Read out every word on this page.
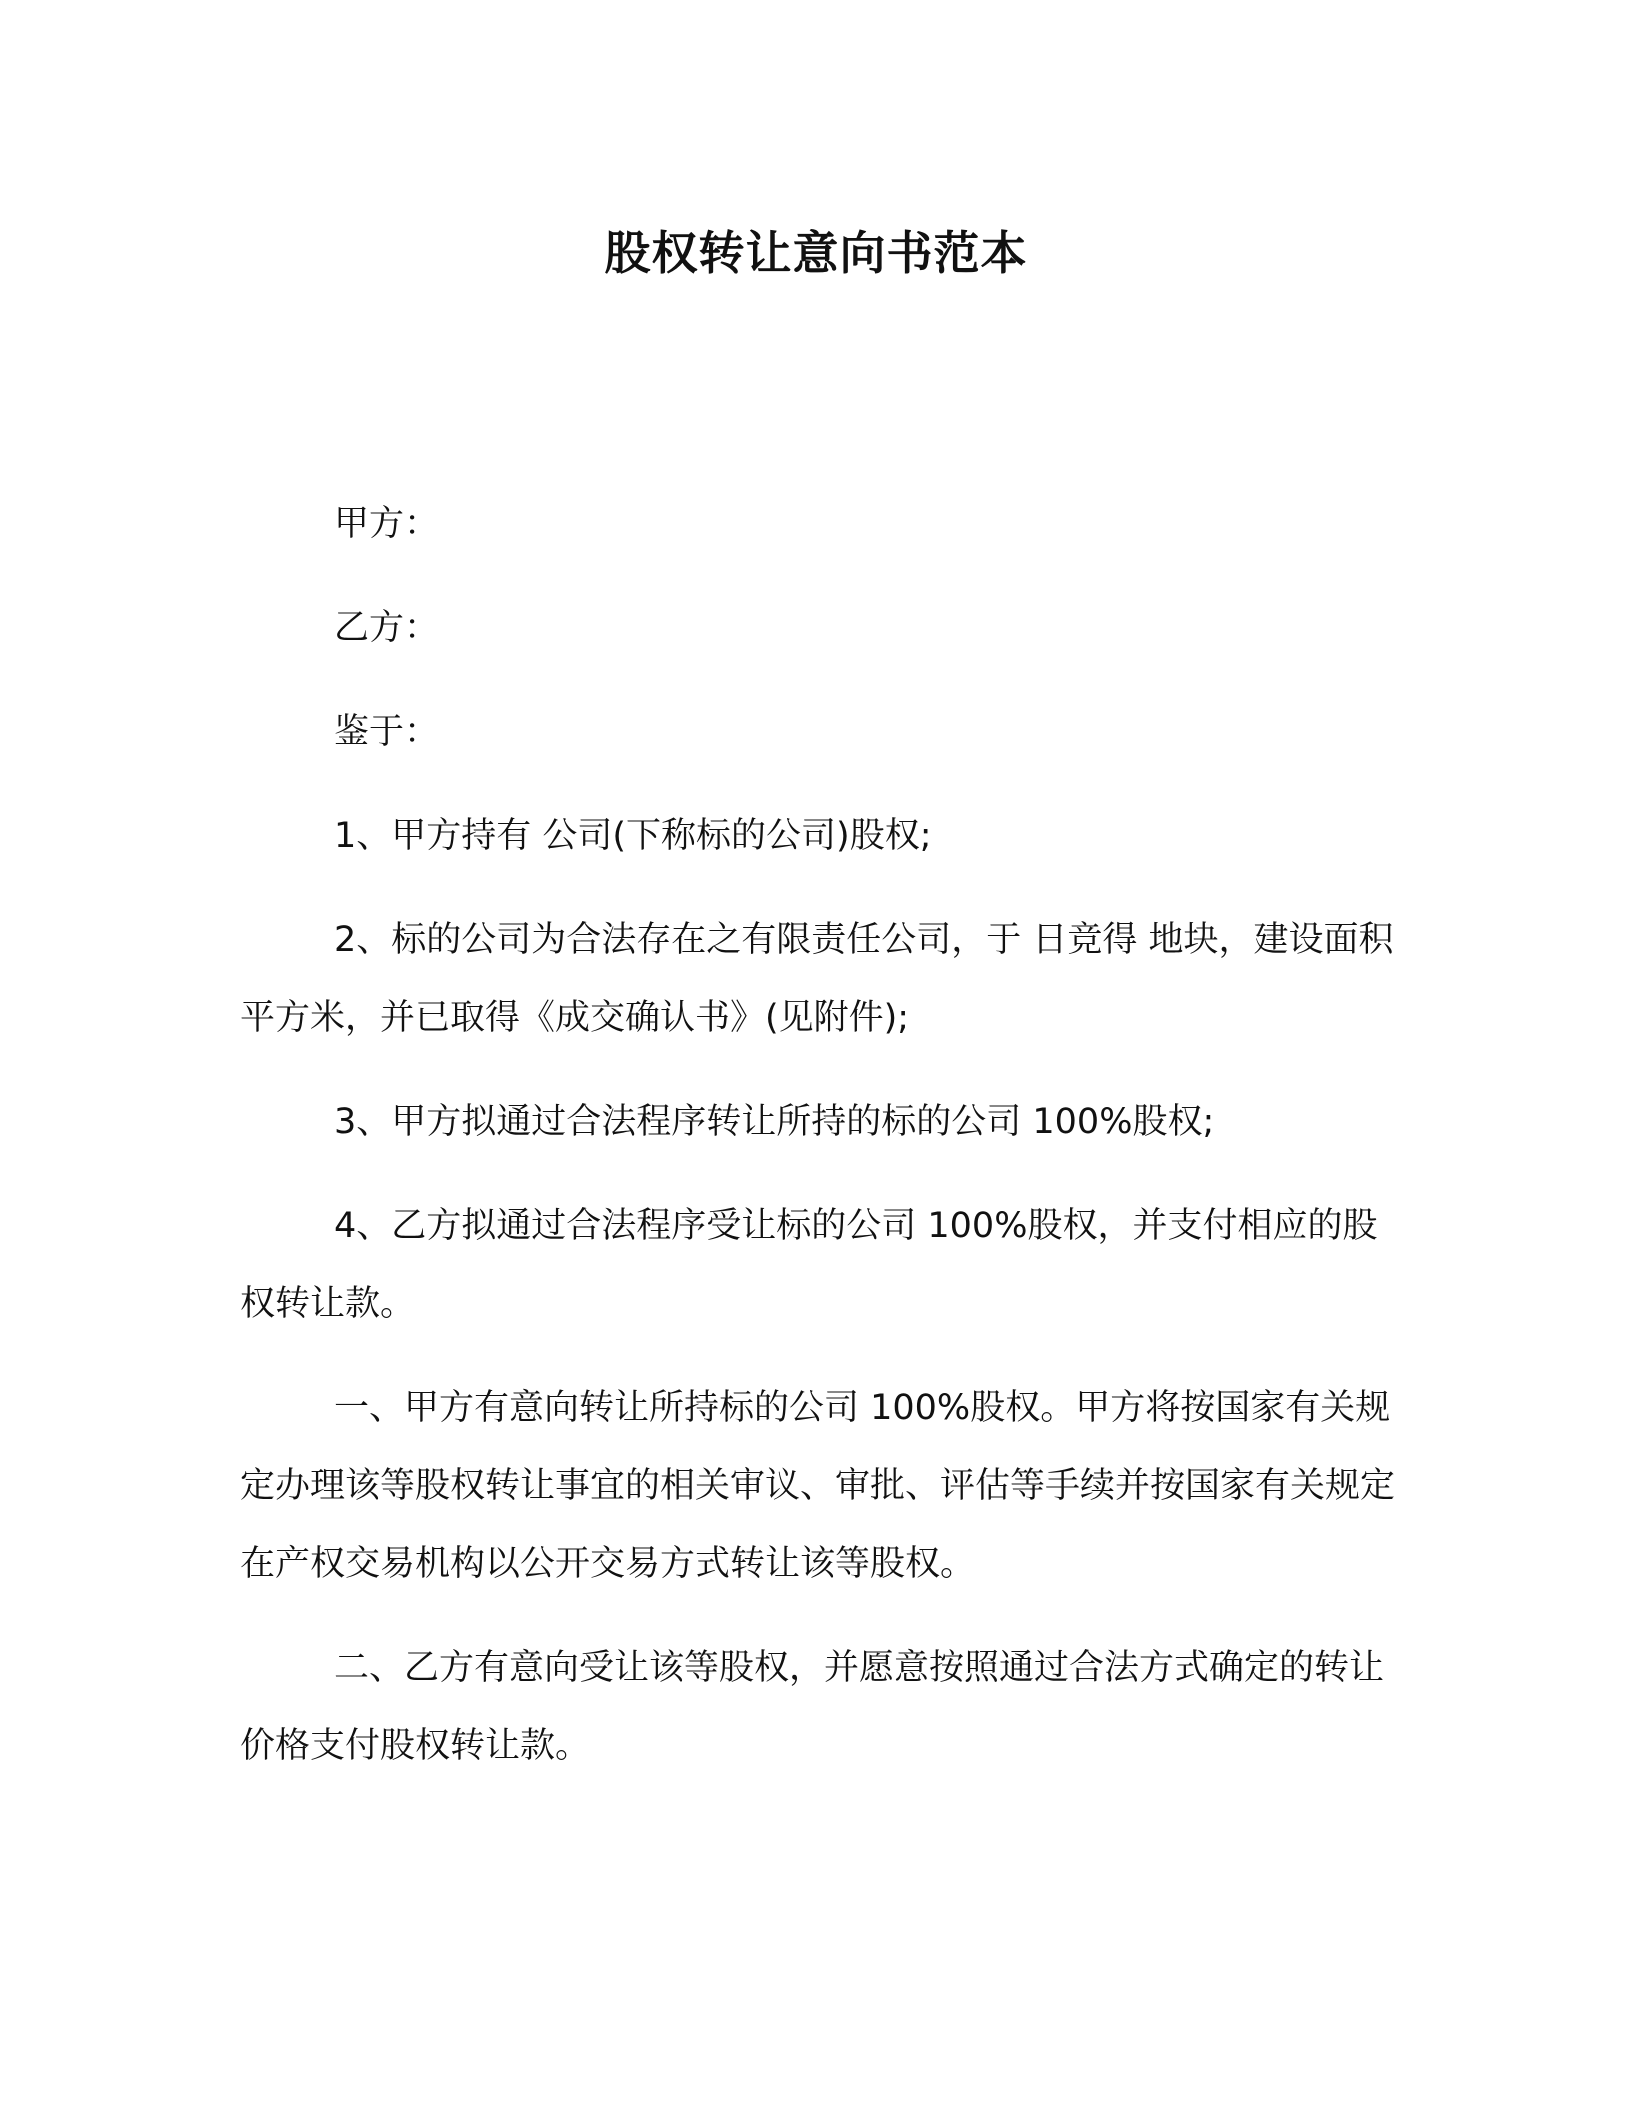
股权转让意向书范本

甲方：

乙方：

鉴于：

1、甲方持有 公司(下称标的公司)股权;

2、标的公司为合法存在之有限责任公司，于 日竞得 地块，建设面积 平方米，并已取得《成交确认书》(见附件);

3、甲方拟通过合法程序转让所持的标的公司 100%股权;

4、乙方拟通过合法程序受让标的公司 100%股权，并支付相应的股权转让款。

一、甲方有意向转让所持标的公司 100%股权。甲方将按国家有关规定办理该等股权转让事宜的相关审议、审批、评估等手续并按国家有关规定在产权交易机构以公开交易方式转让该等股权。

二、乙方有意向受让该等股权，并愿意按照通过合法方式确定的转让价格支付股权转让款。
